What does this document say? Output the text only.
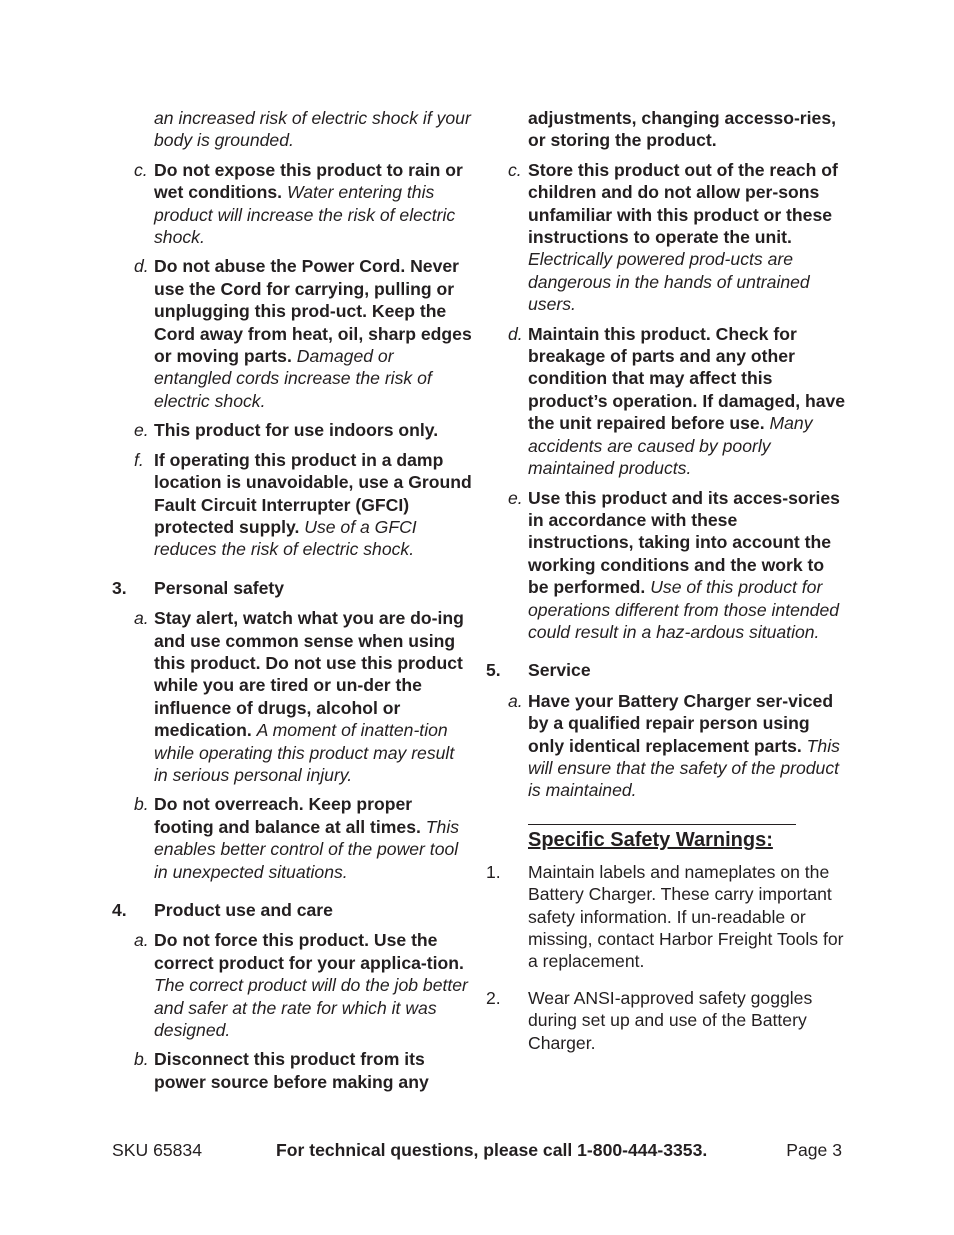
an increased risk of electric shock if your body is grounded.
c. Do not expose this product to rain or wet conditions. Water entering this product will increase the risk of electric shock.
d. Do not abuse the Power Cord. Never use the Cord for carrying, pulling or unplugging this prod-uct. Keep the Cord away from heat, oil, sharp edges or moving parts. Damaged or entangled cords increase the risk of electric shock.
e. This product for use indoors only.
f. If operating this product in a damp location is unavoidable, use a Ground Fault Circuit Interrupter (GFCI) protected supply. Use of a GFCI reduces the risk of electric shock.
3. Personal safety
a. Stay alert, watch what you are do-ing and use common sense when using this product. Do not use this product while you are tired or un-der the influence of drugs, alcohol or medication. A moment of inatten-tion while operating this product may result in serious personal injury.
b. Do not overreach. Keep proper footing and balance at all times. This enables better control of the power tool in unexpected situations.
4. Product use and care
a. Do not force this product. Use the correct product for your applica-tion. The correct product will do the job better and safer at the rate for which it was designed.
b. Disconnect this product from its power source before making any
adjustments, changing accesso-ries, or storing the product.
c. Store this product out of the reach of children and do not allow per-sons unfamiliar with this product or these instructions to operate the unit. Electrically powered prod-ucts are dangerous in the hands of untrained users.
d. Maintain this product. Check for breakage of parts and any other condition that may affect this product’s operation. If damaged, have the unit repaired before use. Many accidents are caused by poorly maintained products.
e. Use this product and its acces-sories in accordance with these instructions, taking into account the working conditions and the work to be performed. Use of this product for operations different from those intended could result in a haz-ardous situation.
5. Service
a. Have your Battery Charger ser-viced by a qualified repair person using only identical replacement parts. This will ensure that the safety of the product is maintained.
Specific Safety Warnings:
1. Maintain labels and nameplates on the Battery Charger. These carry important safety information. If un-readable or missing, contact Harbor Freight Tools for a replacement.
2. Wear ANSI-approved safety goggles during set up and use of the Battery Charger.
SKU 65834	For technical questions, please call 1-800-444-3353.	Page 3
